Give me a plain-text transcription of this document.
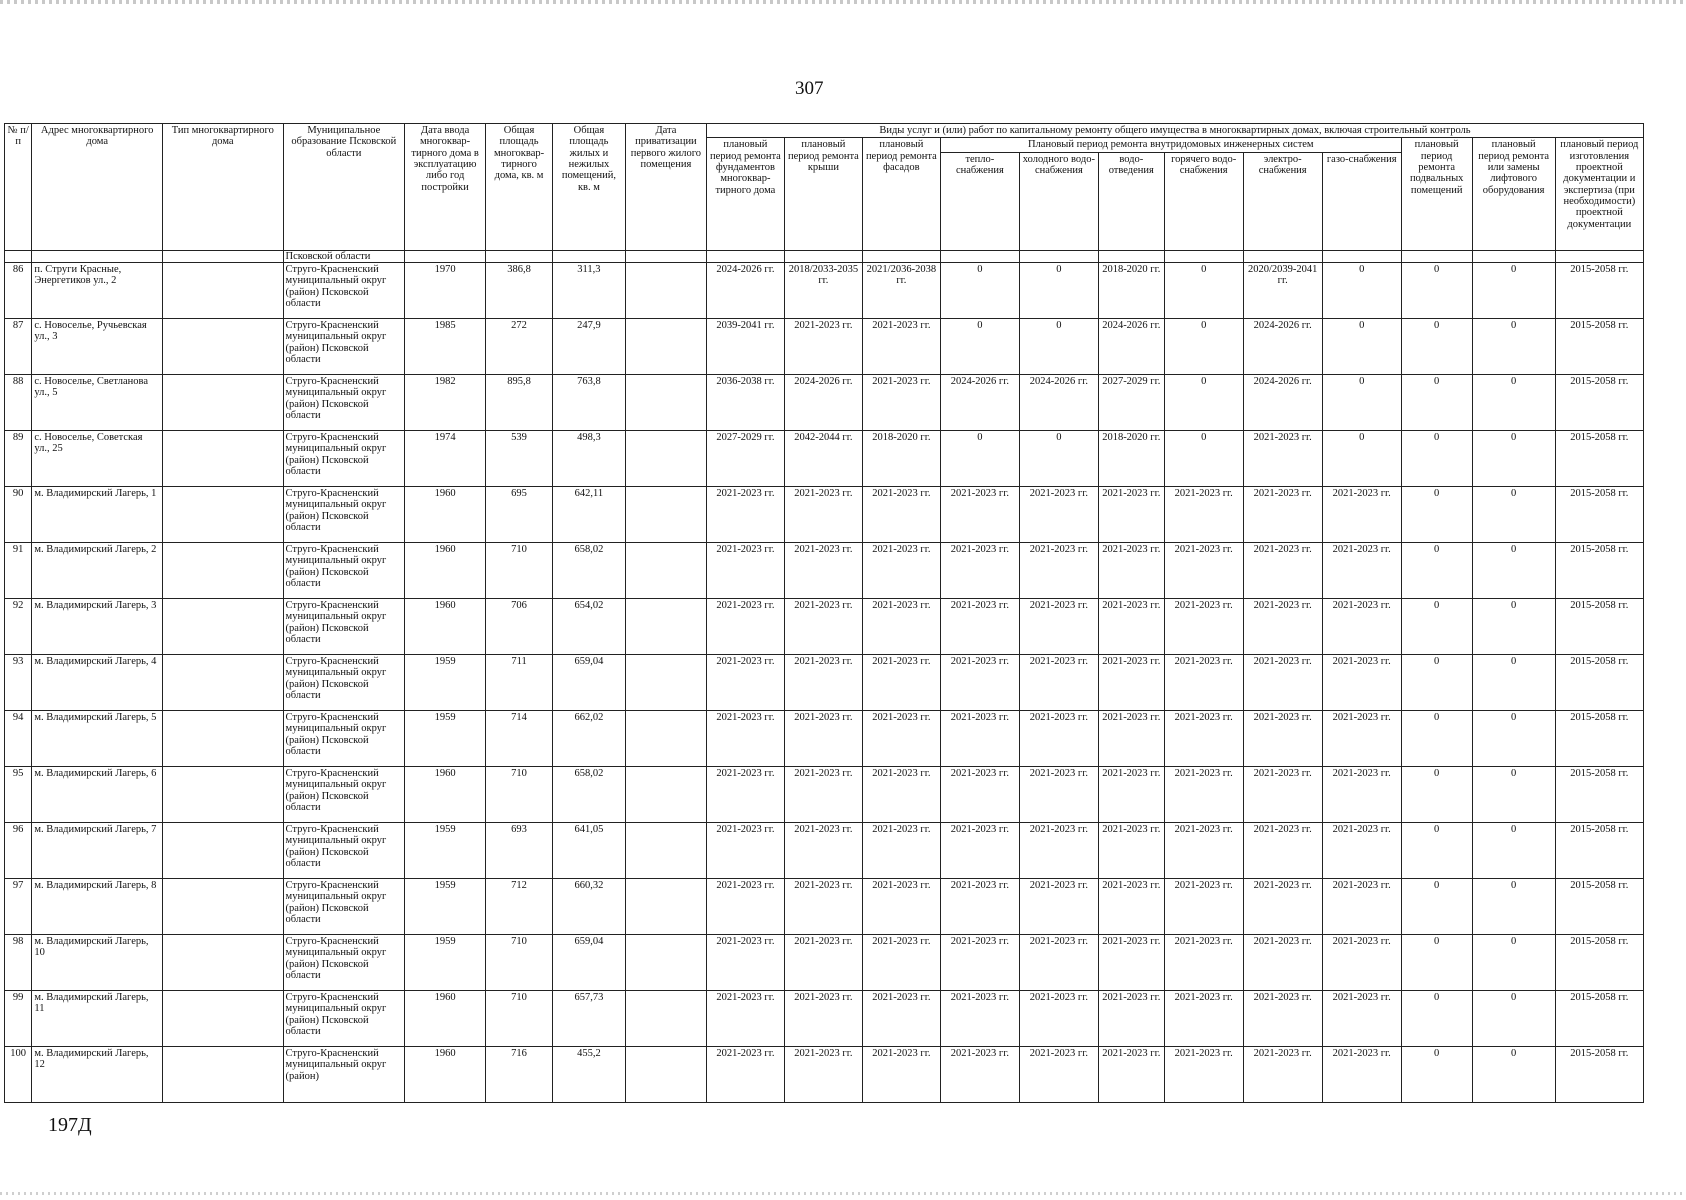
307
№ п/п	Адрес многоквартирного дома	Тип многоквартирного дома	Муниципальное образование Псковской области	Дата ввода многоквар-тирного дома в эксплуатацию либо год постройки	Общая площадь многоквар-тирного дома, кв. м	Общая площадь жилых и нежилых помещений, кв. м	Дата приватизации первого жилого помещения	Виды услуг и (или) работ по капитальному ремонту общего имущества в многоквартирных домах, включая строительный контроль											
								плановый период ремонта фундаментов многоквар-тирного дома	плановый период ремонта крыши	плановый период ремонта фасадов	Плановый период ремонта внутридомовых инженерных систем						плановый период ремонта подвальных помещений	плановый период ремонта или замены лифтового оборудования	плановый период изготовления проектной документации и экспертиза (при необходимости) проектной документации
											тепло-снабжения	холодного водо-снабжения	водо-отведения	горячего водо-снабжения	электро-снабжения	газо-снабжения			
			Псковской области																
86	п. Струги Красные, Энергетиков ул., 2		Струго-Красненский муниципальный округ (район) Псковской области	1970	386,8	311,3		2024-2026 гг.	2018/2033-2035 гг.	2021/2036-2038 гг.	0	0	2018-2020 гг.	0	2020/2039-2041 гг.	0	0	0	2015-2058 гг.
87	с. Новоселье, Ручьевская ул., 3		Струго-Красненский муниципальный округ (район) Псковской области	1985	272	247,9		2039-2041 гг.	2021-2023 гг.	2021-2023 гг.	0	0	2024-2026 гг.	0	2024-2026 гг.	0	0	0	2015-2058 гг.
88	с. Новоселье, Светланова ул., 5		Струго-Красненский муниципальный округ (район) Псковской области	1982	895,8	763,8		2036-2038 гг.	2024-2026 гг.	2021-2023 гг.	2024-2026 гг.	2024-2026 гг.	2027-2029 гг.	0	2024-2026 гг.	0	0	0	2015-2058 гг.
89	с. Новоселье, Советская ул., 25		Струго-Красненский муниципальный округ (район) Псковской области	1974	539	498,3		2027-2029 гг.	2042-2044 гг.	2018-2020 гг.	0	0	2018-2020 гг.	0	2021-2023 гг.	0	0	0	2015-2058 гг.
90	м. Владимирский Лагерь, 1		Струго-Красненский муниципальный округ (район) Псковской области	1960	695	642,11		2021-2023 гг.	2021-2023 гг.	2021-2023 гг.	2021-2023 гг.	2021-2023 гг.	2021-2023 гг.	2021-2023 гг.	2021-2023 гг.	2021-2023 гг.	0	0	2015-2058 гг.
91	м. Владимирский Лагерь, 2		Струго-Красненский муниципальный округ (район) Псковской области	1960	710	658,02		2021-2023 гг.	2021-2023 гг.	2021-2023 гг.	2021-2023 гг.	2021-2023 гг.	2021-2023 гг.	2021-2023 гг.	2021-2023 гг.	2021-2023 гг.	0	0	2015-2058 гг.
92	м. Владимирский Лагерь, 3		Струго-Красненский муниципальный округ (район) Псковской области	1960	706	654,02		2021-2023 гг.	2021-2023 гг.	2021-2023 гг.	2021-2023 гг.	2021-2023 гг.	2021-2023 гг.	2021-2023 гг.	2021-2023 гг.	2021-2023 гг.	0	0	2015-2058 гг.
93	м. Владимирский Лагерь, 4		Струго-Красненский муниципальный округ (район) Псковской области	1959	711	659,04		2021-2023 гг.	2021-2023 гг.	2021-2023 гг.	2021-2023 гг.	2021-2023 гг.	2021-2023 гг.	2021-2023 гг.	2021-2023 гг.	2021-2023 гг.	0	0	2015-2058 гг.
94	м. Владимирский Лагерь, 5		Струго-Красненский муниципальный округ (район) Псковской области	1959	714	662,02		2021-2023 гг.	2021-2023 гг.	2021-2023 гг.	2021-2023 гг.	2021-2023 гг.	2021-2023 гг.	2021-2023 гг.	2021-2023 гг.	2021-2023 гг.	0	0	2015-2058 гг.
95	м. Владимирский Лагерь, 6		Струго-Красненский муниципальный округ (район) Псковской области	1960	710	658,02		2021-2023 гг.	2021-2023 гг.	2021-2023 гг.	2021-2023 гг.	2021-2023 гг.	2021-2023 гг.	2021-2023 гг.	2021-2023 гг.	2021-2023 гг.	0	0	2015-2058 гг.
96	м. Владимирский Лагерь, 7		Струго-Красненский муниципальный округ (район) Псковской области	1959	693	641,05		2021-2023 гг.	2021-2023 гг.	2021-2023 гг.	2021-2023 гг.	2021-2023 гг.	2021-2023 гг.	2021-2023 гг.	2021-2023 гг.	2021-2023 гг.	0	0	2015-2058 гг.
97	м. Владимирский Лагерь, 8		Струго-Красненский муниципальный округ (район) Псковской области	1959	712	660,32		2021-2023 гг.	2021-2023 гг.	2021-2023 гг.	2021-2023 гг.	2021-2023 гг.	2021-2023 гг.	2021-2023 гг.	2021-2023 гг.	2021-2023 гг.	0	0	2015-2058 гг.
98	м. Владимирский Лагерь, 10		Струго-Красненский муниципальный округ (район) Псковской области	1959	710	659,04		2021-2023 гг.	2021-2023 гг.	2021-2023 гг.	2021-2023 гг.	2021-2023 гг.	2021-2023 гг.	2021-2023 гг.	2021-2023 гг.	2021-2023 гг.	0	0	2015-2058 гг.
99	м. Владимирский Лагерь, 11		Струго-Красненский муниципальный округ (район) Псковской области	1960	710	657,73		2021-2023 гг.	2021-2023 гг.	2021-2023 гг.	2021-2023 гг.	2021-2023 гг.	2021-2023 гг.	2021-2023 гг.	2021-2023 гг.	2021-2023 гг.	0	0	2015-2058 гг.
100	м. Владимирский Лагерь, 12		Струго-Красненский муниципальный округ (район)	1960	716	455,2		2021-2023 гг.	2021-2023 гг.	2021-2023 гг.	2021-2023 гг.	2021-2023 гг.	2021-2023 гг.	2021-2023 гг.	2021-2023 гг.	2021-2023 гг.	0	0	2015-2058 гг.
197Д
